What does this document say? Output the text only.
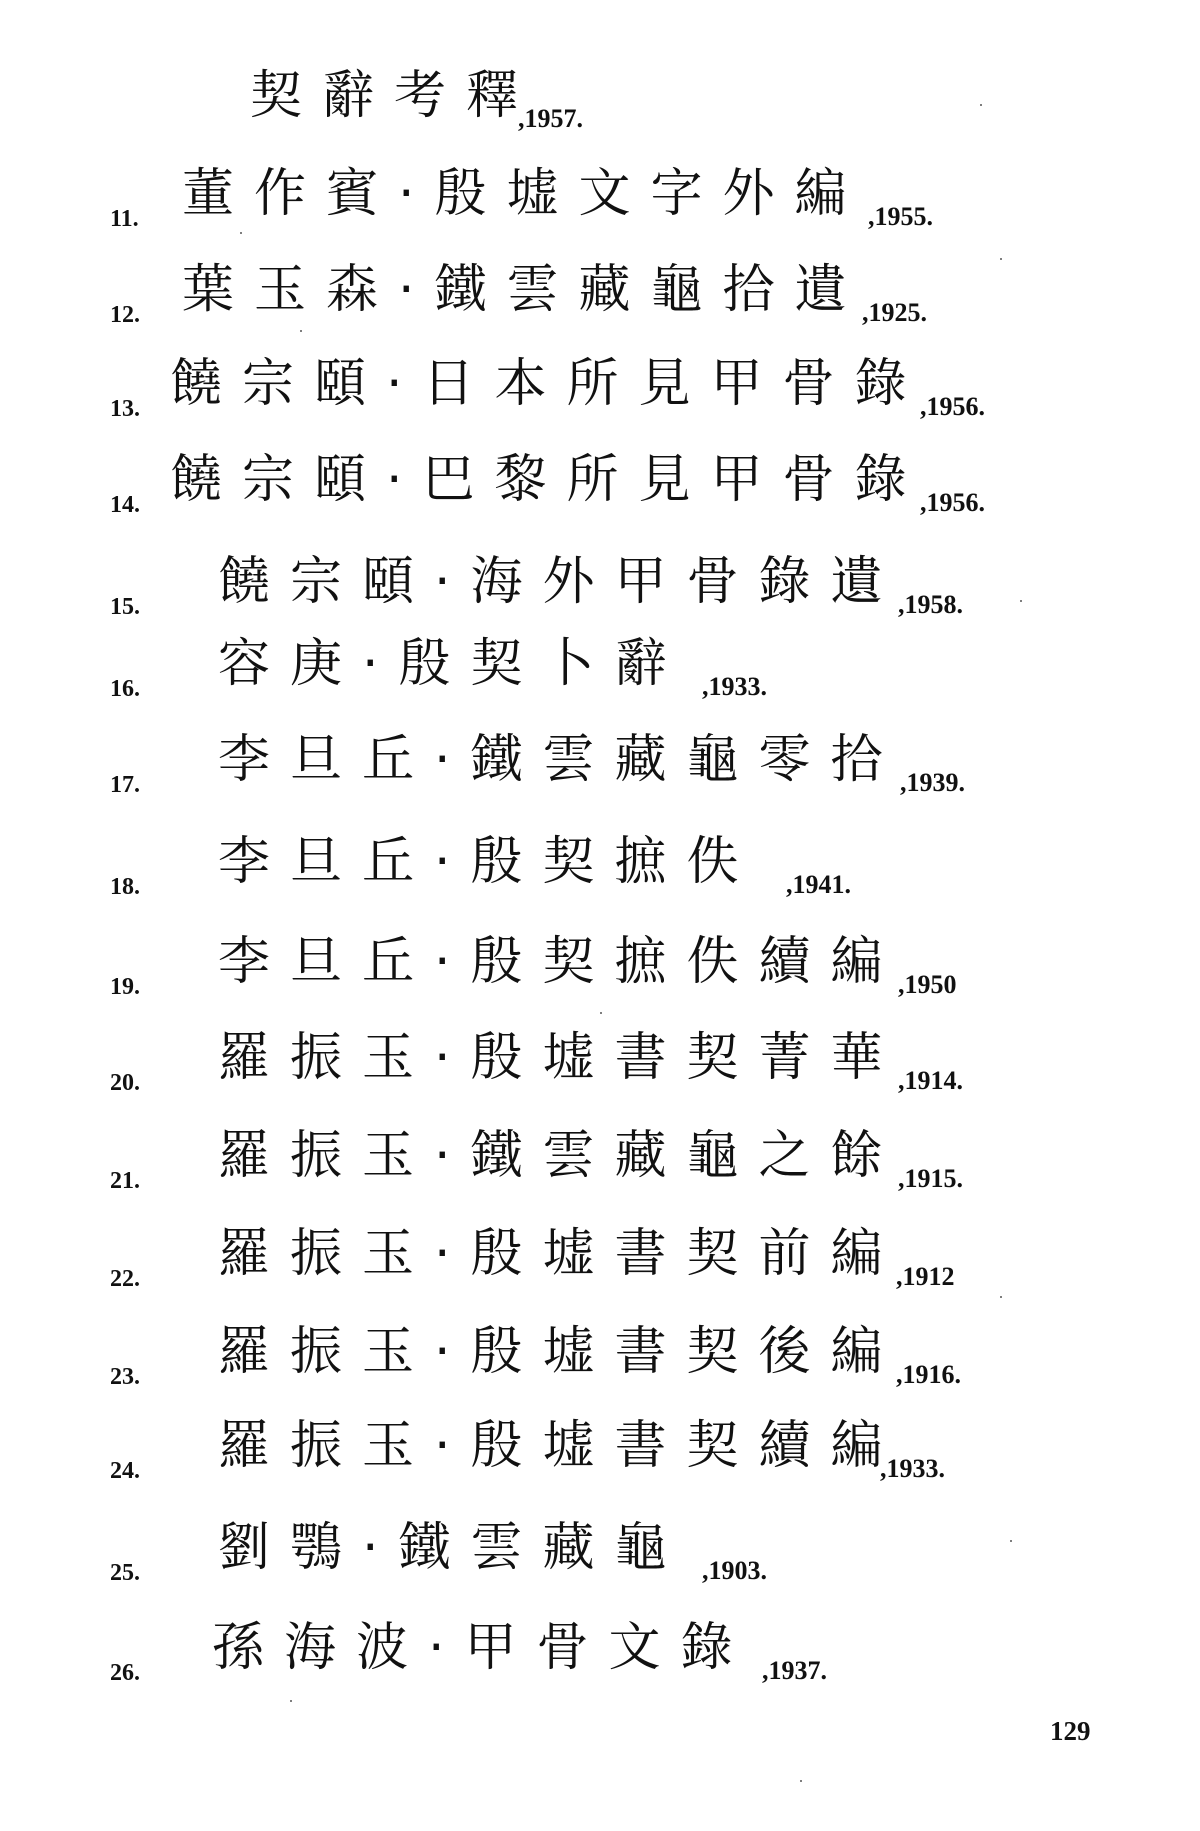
契辭考釋
,1957.
11. 董作賓·殷墟文字外編 ,1955.
12. 葉玉森·鐵雲藏龜拾遺
,1925.
13. 饒宗頤·日本所見甲骨錄
,1956.
14. 饒宗頤·巴黎所見甲骨錄
,1956.
15. 饒宗頤·海外甲骨錄遺
,1958.
16. 容庚·殷契卜辭 ,1933.
17. 李旦丘·鐵雲藏龜零拾
,1939.
18. 李旦丘·殷契摭佚 ,1941.
19. 李旦丘·殷契摭佚續編
,1950
20. 羅振玉·殷墟書契菁華
,1914.
21. 羅振玉·鐵雲藏龜之餘
,1915.
22. 羅振玉·殷墟書契前編
,1912
23. 羅振玉·殷墟書契後編
,1916.
24. 羅振玉·殷墟書契續編
,1933.
25. 劉鶚·鐵雲藏龜 ,1903.
26. 孫海波·甲骨文錄 ,1937.
129
